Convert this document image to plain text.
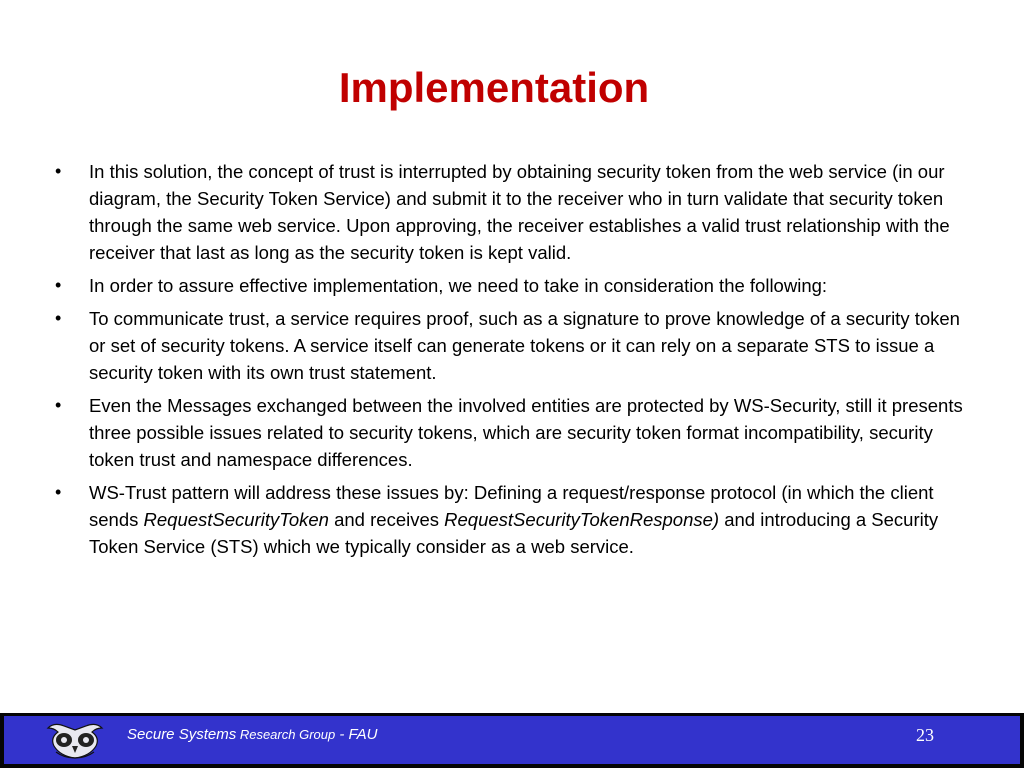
Implementation
•	In this solution, the concept of trust is interrupted by obtaining security token from the web service (in our diagram, the Security Token Service) and submit it to the receiver who in turn validate that security token through the same web service. Upon approving, the receiver establishes a valid trust relationship with the receiver that last as long as the security token is kept valid.
•	In order to assure effective implementation, we need to take in consideration the following:
•	To communicate trust, a service requires proof, such as a signature to prove knowledge of a security token or set of security tokens. A service itself can generate tokens or it can rely on a separate STS to issue a security token with its own trust statement.
•	Even the Messages exchanged between the involved entities are protected by WS-Security, still it presents three possible issues related to security tokens, which are security token format incompatibility, security token trust and namespace differences.
•	WS-Trust pattern will address these issues by: Defining a request/response protocol (in which the client sends RequestSecurityToken and receives RequestSecurityTokenResponse) and introducing a Security Token Service (STS) which we typically consider as a web service.
Secure Systems Research Group - FAU	23
